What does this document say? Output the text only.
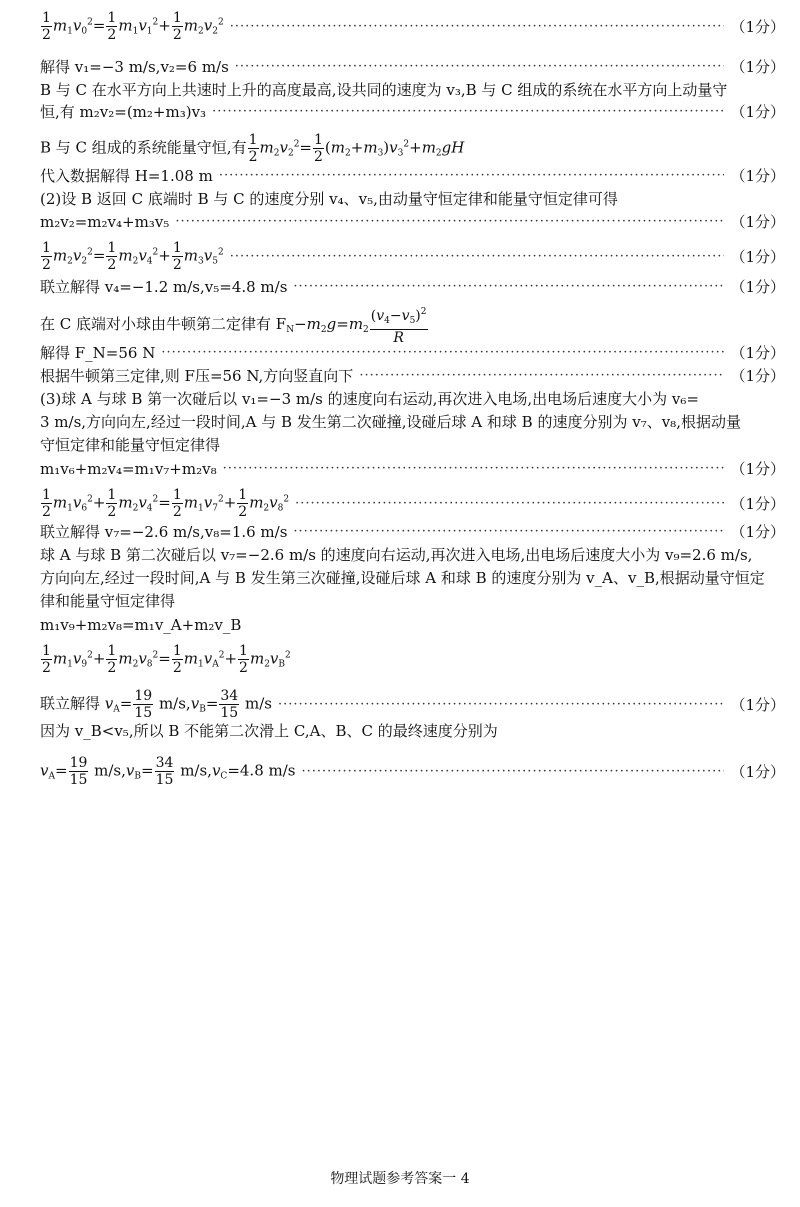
$\frac{1}{2} m_1v_0^2= \frac{1}{2} m_1v_1^2+ \frac{1}{2} m_2v_2^2$ ·····	（1分）
解得 v₁=−3 m/s,v₂=6 m/s ·····	（1分）
B 与 C 在水平方向上共速时上升的高度最高,设共同的速度为 v₃,B 与 C 组成的系统在水平方向上动量守
恒,有 m₂v₂=(m₂+m₃)v₃ ·····	（1分）
B 与 C 组成的系统能量守恒,有 $\frac{1}{2} m_2v_2^2= \frac{1}{2} (m_2+m_3)v_3^2+m_2gH$
代入数据解得 H=1.08 m ·····	（1分）
(2)设 B 返回 C 底端时 B 与 C 的速度分别 v₄、v₅,由动量守恒定律和能量守恒定律可得
m₂v₂=m₂v₄+m₃v₅ ·····	（1分）
$\frac{1}{2} m_2v_2^2= \frac{1}{2} m_2v_4^2+ \frac{1}{2} m_3v_5^2$ ·····	（1分）
联立解得 v₄=−1.2 m/s,v₅=4.8 m/s ·····	（1分）
在 C 底端对小球由牛顿第二定律有 $F_N-m_2g=m_2 \frac{(v_4-v_5)^2}{R}$
解得 F_N=56 N ·····	（1分）
根据牛顿第三定律,则 F压=56 N,方向竖直向下 ·····	（1分）
(3)球 A 与球 B 第一次碰后以 v₁=−3 m/s 的速度向右运动,再次进入电场,出电场后速度大小为 v₆=
3 m/s,方向向左,经过一段时间,A 与 B 发生第二次碰撞,设碰后球 A 和球 B 的速度分别为 v₇、v₈,根据动量
守恒定律和能量守恒定律得
m₁v₆+m₂v₄=m₁v₇+m₂v₈ ·····	（1分）
$\frac{1}{2} m_1v_6^2+ \frac{1}{2} m_2v_4^2= \frac{1}{2} m_1v_7^2+ \frac{1}{2} m_2v_8^2$ ·····	（1分）
联立解得 v₇=−2.6 m/s,v₈=1.6 m/s ·····	（1分）
球 A 与球 B 第二次碰后以 v₇=−2.6 m/s 的速度向右运动,再次进入电场,出电场后速度大小为 v₉=2.6 m/s,
方向向左,经过一段时间,A 与 B 发生第三次碰撞,设碰后球 A 和球 B 的速度分别为 v_A、v_B,根据动量守恒定
律和能量守恒定律得
m₁v₉+m₂v₈=m₁v_A+m₂v_B
$\frac{1}{2} m_1v_9^2+ \frac{1}{2} m_2v_8^2= \frac{1}{2} m_1v_A^2+ \frac{1}{2} m_2v_B^2$
联立解得 $v_A= \frac{19}{15} m/s,v_B= \frac{34}{15} m/s$ ·····	（1分）
因为 v_B<v₅,所以 B 不能第二次滑上 C,A、B、C 的最终速度分别为
$v_A= \frac{19}{15} m/s,v_B= \frac{34}{15} m/s,v_C=4.8$ m/s ·····	（1分）
物理试题参考答案一 4
